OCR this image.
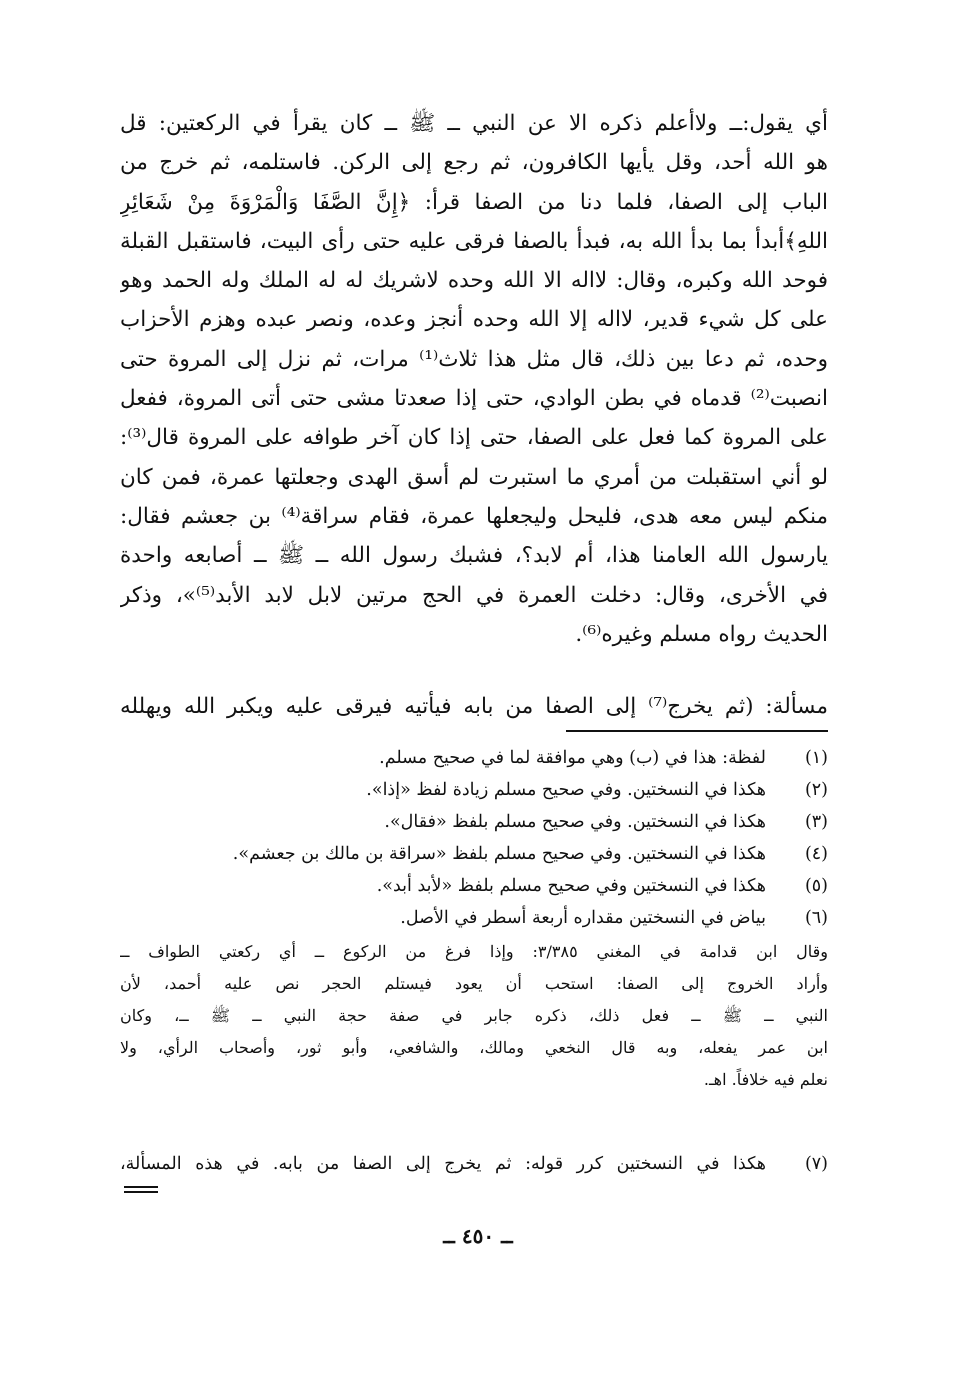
أي يقول:ــ ولاأعلم ذكره الا عن النبي ــ ﷺ ــ كان يقرأ في الركعتين: قل
هو الله أحد، وقل يأيها الكافرون، ثم رجع إلى الركن. فاستلمه، ثم خرج من
الباب إلى الصفا، فلما دنا من الصفا قرأ: ﴿إِنَّ الصَّفَا وَالْمَرْوَةَ مِنْ شَعَائِرِ
اللهِ﴾أبدأ بما بدأ الله به، فبدأ بالصفا فرقى عليه حتى رأى البيت، فاستقبل القبلة
فوحد الله وكبره، وقال: لااله الا الله وحده لاشريك له له الملك وله الحمد وهو
على كل شيء قدير، لااله إلا الله وحده أنجز وعده، ونصر عبده وهزم الأحزاب
وحده، ثم دعا بين ذلك، قال مثل هذا ثلاث⁽¹⁾ مرات، ثم نزل إلى المروة حتى
انصبت⁽²⁾ قدماه في بطن الوادي، حتى إذا صعدتا مشى حتى أتى المروة، ففعل
على المروة كما فعل على الصفا، حتى إذا كان آخر طوافه على المروة قال⁽³⁾:
لو أني استقبلت من أمري ما استبرت لم أسق الهدى وجعلتها عمرة، فمن كان
منكم ليس معه هدى، فليحل وليجعلها عمرة، فقام سراقة⁽⁴⁾ بن جعشم فقال:
يارسول الله العامنا هذا، أم لابد؟، فشبك رسول الله ــ ﷺ ــ أصابعه واحدة
في الأخرى، وقال: دخلت العمرة في الحج مرتين لابل لابد الأبد⁽⁵⁾»، وذكر
الحديث رواه مسلم وغيره⁽⁶⁾.
مسألة: (ثم يخرج⁽⁷⁾ إلى الصفا من بابه فيأتيه فيرقى عليه ويكبر الله ويهلله
(١)
لفظة: هذا في (ب) وهي موافقة لما في صحيح مسلم.
(٢)
هكذا في النسختين. وفي صحيح مسلم زيادة لفظ «إذا».
(٣)
هكذا في النسختين. وفي صحيح مسلم بلفظ «فقال».
(٤)
هكذا في النسختين. وفي صحيح مسلم بلفظ «سراقة بن مالك بن جعشم».
(٥)
هكذا في النسختين وفي صحيح مسلم بلفظ «لأبد أبد».
(٦)
بياض في النسختين مقداره أربعة أسطر في الأصل.
وقال ابن قدامة في المغني ٣/٣٨٥: وإذا فرغ من الركوع ــ أي ركعتي الطواف ــ
وأراد الخروج إلى الصفا: استحب أن يعود فيستلم الحجر نص عليه أحمد، لأن
النبي ــ ﷺ ــ فعل ذلك، ذكره جابر في صفة حجة النبي ــ ﷺ ــ، وكان
ابن عمر يفعله، وبه قال النخعي ومالك، والشافعي، وأبو ثور، وأصحاب الرأي، ولا
نعلم فيه خلافاً. اهـ.
(٧)
هكذا في النسختين كرر قوله: ثم يخرج إلى الصفا من بابه. في هذه المسألة،
ــ ٤٥٠ ــ
